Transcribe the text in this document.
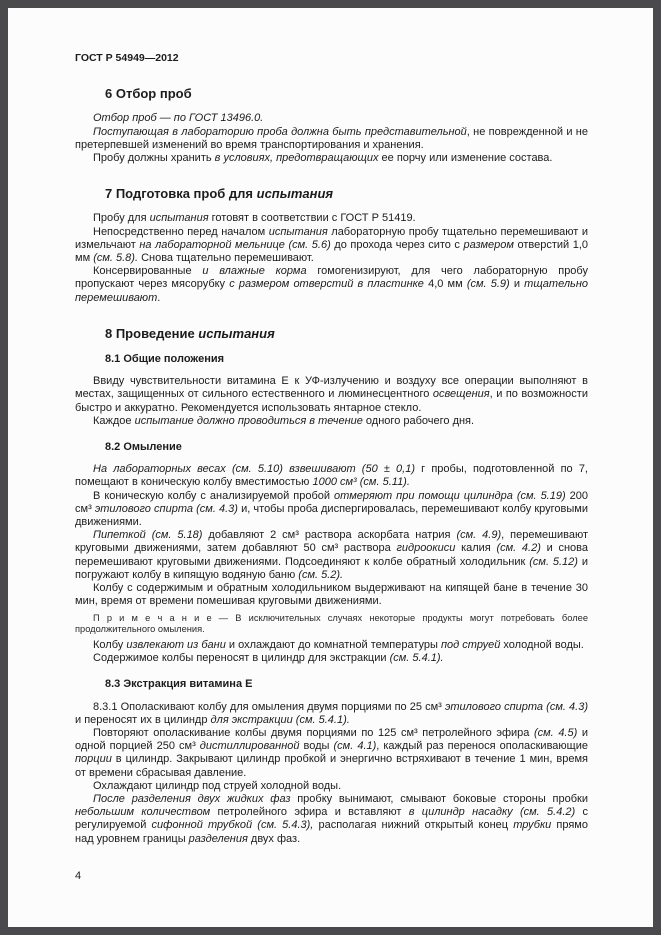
ГОСТ Р 54949—2012
6 Отбор проб
Отбор проб — по ГОСТ 13496.0.
Поступающая в лабораторию проба должна быть представительной, не поврежденной и не претерпевшей изменений во время транспортирования и хранения.
Пробу должны хранить в условиях, предотвращающих ее порчу или изменение состава.
7 Подготовка проб для испытания
Пробу для испытания готовят в соответствии с ГОСТ Р 51419.
Непосредственно перед началом испытания лабораторную пробу тщательно перемешивают и измельчают на лабораторной мельнице (см. 5.6) до прохода через сито с размером отверстий 1,0 мм (см. 5.8). Снова тщательно перемешивают.
Консервированные и влажные корма гомогенизируют, для чего лабораторную пробу пропускают через мясорубку с размером отверстий в пластинке 4,0 мм (см. 5.9) и тщательно перемешивают.
8 Проведение испытания
8.1 Общие положения
Ввиду чувствительности витамина Е к УФ-излучению и воздуху все операции выполняют в местах, защищенных от сильного естественного и люминесцентного освещения, и по возможности быстро и аккуратно. Рекомендуется использовать янтарное стекло.
Каждое испытание должно проводиться в течение одного рабочего дня.
8.2 Омыление
На лабораторных весах (см. 5.10) взвешивают (50 ± 0,1) г пробы, подготовленной по 7, помещают в коническую колбу вместимостью 1000 см³ (см. 5.11).
В коническую колбу с анализируемой пробой отмеряют при помощи цилиндра (см. 5.19) 200 см³ этилового спирта (см. 4.3) и, чтобы проба диспергировалась, перемешивают колбу круговыми движениями.
Пипеткой (см. 5.18) добавляют 2 см³ раствора аскорбата натрия (см. 4.9), перемешивают круговыми движениями, затем добавляют 50 см³ раствора гидроокиси калия (см. 4.2) и снова перемешивают круговыми движениями. Подсоединяют к колбе обратный холодильник (см. 5.12) и погружают колбу в кипящую водяную баню (см. 5.2).
Колбу с содержимым и обратным холодильником выдерживают на кипящей бане в течение 30 мин, время от времени помешивая круговыми движениями.
П р и м е ч а н и е — В исключительных случаях некоторые продукты могут потребовать более продолжительного омыления.
Колбу извлекают из бани и охлаждают до комнатной температуры под струей холодной воды.
Содержимое колбы переносят в цилиндр для экстракции (см. 5.4.1).
8.3 Экстракция витамина Е
8.3.1 Ополаскивают колбу для омыления двумя порциями по 25 см³ этилового спирта (см. 4.3) и переносят их в цилиндр для экстракции (см. 5.4.1).
Повторяют ополаскивание колбы двумя порциями по 125 см³ петролейного эфира (см. 4.5) и одной порцией 250 см³ дистиллированной воды (см. 4.1), каждый раз перенося ополаскивающие порции в цилиндр. Закрывают цилиндр пробкой и энергично встряхивают в течение 1 мин, время от времени сбрасывая давление.
Охлаждают цилиндр под струей холодной воды.
После разделения двух жидких фаз пробку вынимают, смывают боковые стороны пробки небольшим количеством петролейного эфира и вставляют в цилиндр насадку (см. 5.4.2) с регулируемой сифонной трубкой (см. 5.4.3), располагая нижний открытый конец трубки прямо над уровнем границы разделения двух фаз.
4
